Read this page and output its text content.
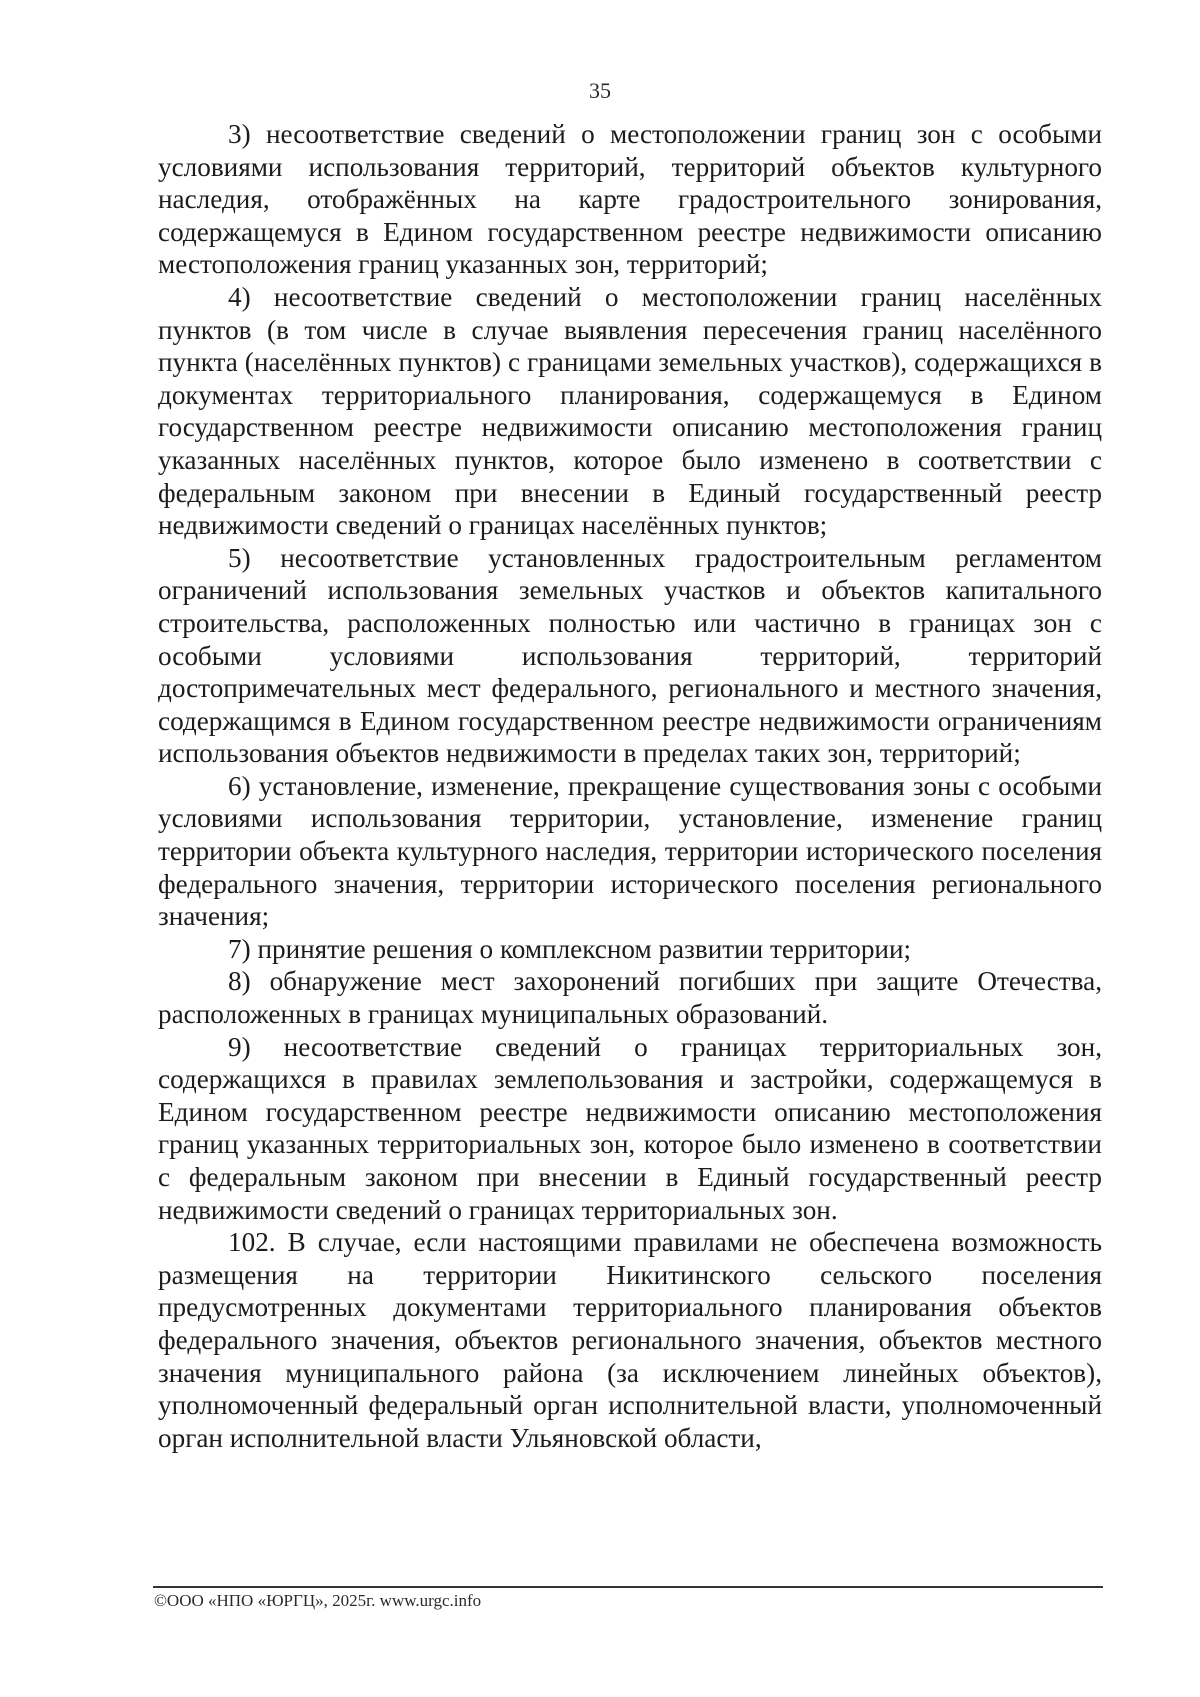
35

3) несоответствие сведений о местоположении границ зон с особыми условиями использования территорий, территорий объектов культурного наследия, отображённых на карте градостроительного зонирования, содержащемуся в Едином государственном реестре недвижимости описанию местоположения границ указанных зон, территорий;

4) несоответствие сведений о местоположении границ населённых пунктов (в том числе в случае выявления пересечения границ населённого пункта (населённых пунктов) с границами земельных участков), содержащихся в документах территориального планирования, содержащемуся в Едином государственном реестре недвижимости описанию местоположения границ указанных населённых пунктов, которое было изменено в соответствии с федеральным законом при внесении в Единый государственный реестр недвижимости сведений о границах населённых пунктов;

5) несоответствие установленных градостроительным регламентом ограничений использования земельных участков и объектов капитального строительства, расположенных полностью или частично в границах зон с особыми условиями использования территорий, территорий достопримечательных мест федерального, регионального и местного значения, содержащимся в Едином государственном реестре недвижимости ограничениям использования объектов недвижимости в пределах таких зон, территорий;

6) установление, изменение, прекращение существования зоны с особыми условиями использования территории, установление, изменение границ территории объекта культурного наследия, территории исторического поселения федерального значения, территории исторического поселения регионального значения;

7) принятие решения о комплексном развитии территории;

8) обнаружение мест захоронений погибших при защите Отечества, расположенных в границах муниципальных образований.

9) несоответствие сведений о границах территориальных зон, содержащихся в правилах землепользования и застройки, содержащемуся в Едином государственном реестре недвижимости описанию местоположения границ указанных территориальных зон, которое было изменено в соответствии с федеральным законом при внесении в Единый государственный реестр недвижимости сведений о границах территориальных зон.

102. В случае, если настоящими правилами не обеспечена возможность размещения на территории Никитинского сельского поселения предусмотренных документами территориального планирования объектов федерального значения, объектов регионального значения, объектов местного значения муниципального района (за исключением линейных объектов), уполномоченный федеральный орган исполнительной власти, уполномоченный орган исполнительной власти Ульяновской области,

©ООО «НПО «ЮРГЦ», 2025г. www.urgc.info
